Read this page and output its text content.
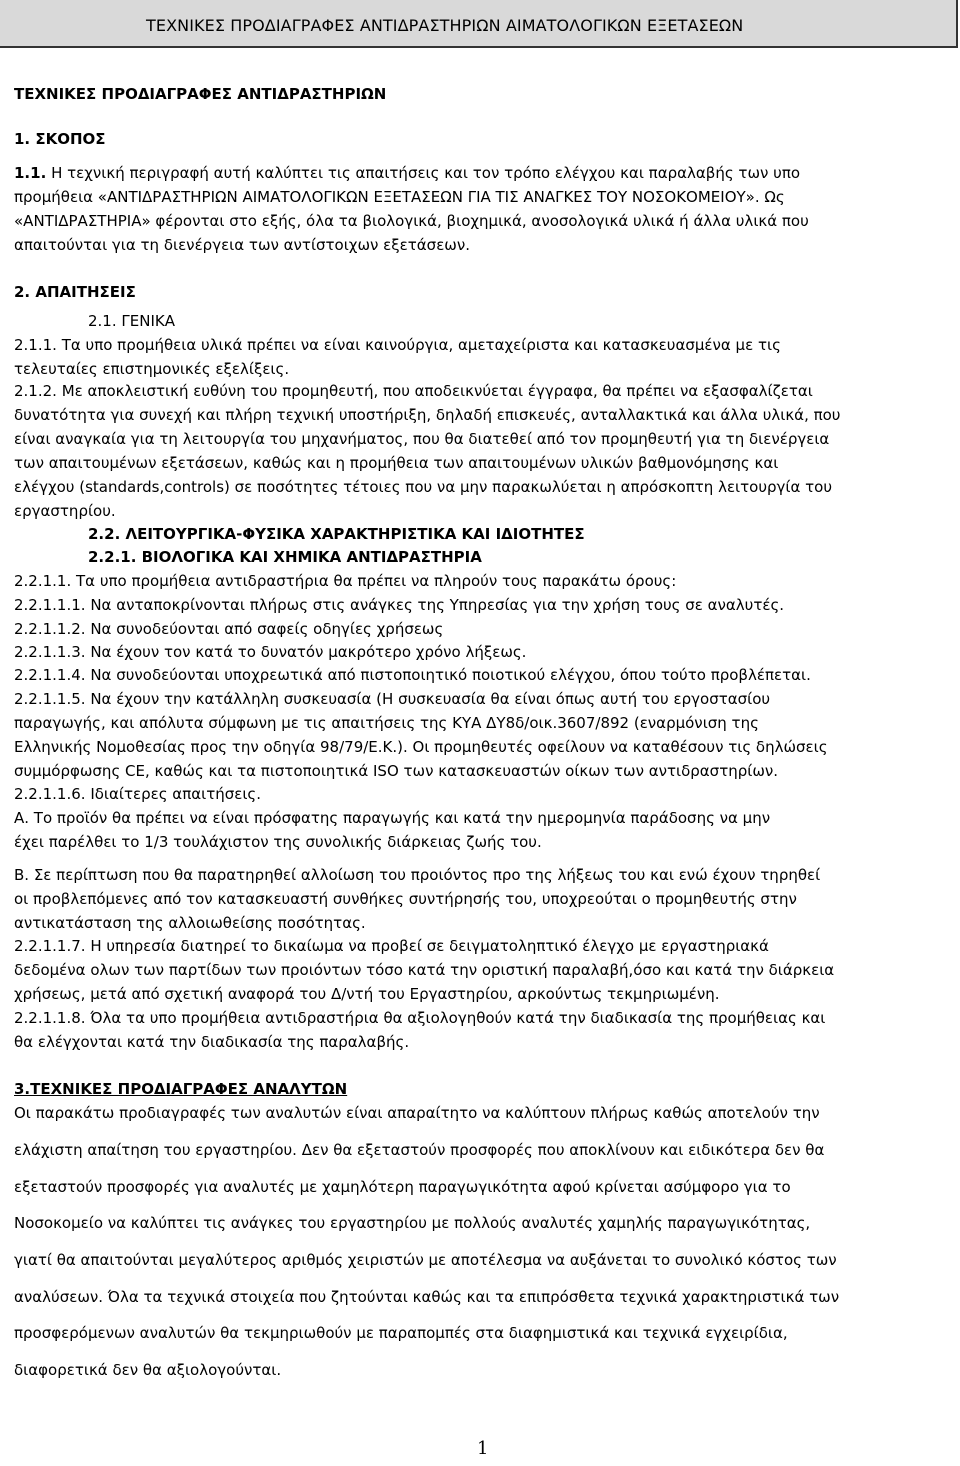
ΤΕΧΝΙΚΕΣ ΠΡΟΔΙΑΓΡΑΦΕΣ ΑΝΤΙΔΡΑΣΤΗΡΙΩΝ ΑΙΜΑΤΟΛΟΓΙΚΩΝ ΕΞΕΤΑΣΕΩΝ
ΤΕΧΝΙΚΕΣ ΠΡΟΔΙΑΓΡΑΦΕΣ ΑΝΤΙΔΡΑΣΤΗΡΙΩΝ
1. ΣΚΟΠΟΣ
1.1. Η τεχνική περιγραφή αυτή καλύπτει τις απαιτήσεις και τον τρόπο ελέγχου και παραλαβής των υπο
προμήθεια «ΑΝΤΙΔΡΑΣΤΗΡΙΩΝ ΑΙΜΑΤΟΛΟΓΙΚΩΝ ΕΞΕΤΑΣΕΩΝ ΓΙΑ ΤΙΣ ΑΝΑΓΚΕΣ ΤΟΥ ΝΟΣΟΚΟΜΕΙΟΥ». Ως
«ΑΝΤΙΔΡΑΣΤΗΡΙΑ» φέρονται στο εξής, όλα τα βιολογικά, βιοχημικά, ανοσολογικά υλικά ή άλλα υλικά που
απαιτούνται για τη διενέργεια των αντίστοιχων εξετάσεων.
2. ΑΠΑΙΤΗΣΕΙΣ
2.1. ΓΕΝΙΚΑ
2.1.1. Τα υπο προμήθεια υλικά πρέπει να είναι καινούργια, αμεταχείριστα και κατασκευασμένα με τις
τελευταίες επιστημονικές εξελίξεις.
2.1.2. Με αποκλειστική ευθύνη του προμηθευτή, που αποδεικνύεται έγγραφα, θα πρέπει να εξασφαλίζεται
δυνατότητα για συνεχή και πλήρη τεχνική υποστήριξη, δηλαδή επισκευές, ανταλλακτικά και άλλα υλικά, που
είναι αναγκαία για τη λειτουργία του μηχανήματος, που θα διατεθεί από τον προμηθευτή για τη διενέργεια
των απαιτουμένων εξετάσεων, καθώς και η προμήθεια των απαιτουμένων υλικών βαθμονόμησης και
ελέγχου (standards,controls) σε ποσότητες τέτοιες που να μην παρακωλύεται η απρόσκοπτη λειτουργία του
εργαστηρίου.
2.2. ΛΕΙΤΟΥΡΓΙΚΑ-ΦΥΣΙΚΑ ΧΑΡΑΚΤΗΡΙΣΤΙΚΑ ΚΑΙ ΙΔΙΟΤΗΤΕΣ
2.2.1. ΒΙΟΛΟΓΙΚΑ ΚΑΙ ΧΗΜΙΚΑ ΑΝΤΙΔΡΑΣΤΗΡΙΑ
2.2.1.1. Τα υπο προμήθεια αντιδραστήρια θα πρέπει να πληρούν τους παρακάτω όρους:
2.2.1.1.1. Να ανταποκρίνονται πλήρως στις ανάγκες της Υπηρεσίας για την χρήση τους σε αναλυτές.
2.2.1.1.2. Να συνοδεύονται από σαφείς οδηγίες χρήσεως
2.2.1.1.3. Να έχουν τον κατά το δυνατόν μακρότερο χρόνο λήξεως.
2.2.1.1.4. Να συνοδεύονται υποχρεωτικά από πιστοποιητικό ποιοτικού ελέγχου, όπου τούτο προβλέπεται.
2.2.1.1.5. Να έχουν την κατάλληλη συσκευασία (Η συσκευασία θα είναι όπως αυτή του εργοστασίου
παραγωγής, και απόλυτα σύμφωνη με τις απαιτήσεις της ΚΥΑ ΔΥ8δ/οικ.3607/892 (εναρμόνιση της
Ελληνικής Νομοθεσίας προς την οδηγία 98/79/Ε.Κ.). Οι προμηθευτές οφείλουν να καταθέσουν τις δηλώσεις
συμμόρφωσης CE, καθώς και τα πιστοποιητικά ISO των κατασκευαστών οίκων των αντιδραστηρίων.
2.2.1.1.6. Ιδιαίτερες απαιτήσεις.
Α. Το προϊόν θα πρέπει να είναι πρόσφατης παραγωγής και κατά την ημερομηνία παράδοσης να μην
έχει παρέλθει το 1/3 τουλάχιστον της συνολικής διάρκειας ζωής του.
Β. Σε περίπτωση που θα παρατηρηθεί αλλοίωση του προιόντος προ της λήξεως του και ενώ έχουν τηρηθεί
οι προβλεπόμενες από τον κατασκευαστή συνθήκες συντήρησής του, υποχρεούται ο προμηθευτής στην
αντικατάσταση της αλλοιωθείσης ποσότητας.
2.2.1.1.7. Η υπηρεσία διατηρεί το δικαίωμα να προβεί σε δειγματοληπτικό έλεγχο με εργαστηριακά
δεδομένα ολων των παρτίδων των προιόντων τόσο κατά την οριστική παραλαβή,όσο και κατά την διάρκεια
χρήσεως, μετά από σχετική αναφορά του Δ/ντή του Εργαστηρίου, αρκούντως τεκμηριωμένη.
2.2.1.1.8. Όλα τα υπο προμήθεια αντιδραστήρια θα αξιολογηθούν κατά την διαδικασία της προμήθειας και
θα ελέγχονται κατά την διαδικασία της παραλαβής.
3.ΤΕΧΝΙΚΕΣ ΠΡΟΔΙΑΓΡΑΦΕΣ ΑΝΑΛΥΤΩΝ
Οι παρακάτω προδιαγραφές των αναλυτών είναι απαραίτητο να καλύπτουν πλήρως καθώς αποτελούν την
ελάχιστη απαίτηση του εργαστηρίου. Δεν θα εξεταστούν προσφορές που αποκλίνουν και ειδικότερα δεν θα
εξεταστούν προσφορές για αναλυτές με χαμηλότερη παραγωγικότητα αφού κρίνεται ασύμφορο για το
Νοσοκομείο να καλύπτει τις ανάγκες του εργαστηρίου με πολλούς αναλυτές χαμηλής παραγωγικότητας,
γιατί θα απαιτούνται μεγαλύτερος αριθμός χειριστών με αποτέλεσμα να αυξάνεται το συνολικό κόστος των
αναλύσεων. Όλα τα τεχνικά στοιχεία που ζητούνται καθώς και τα επιπρόσθετα τεχνικά χαρακτηριστικά των
προσφερόμενων αναλυτών θα τεκμηριωθούν με παραπομπές στα διαφημιστικά και τεχνικά εγχειρίδια,
διαφορετικά δεν θα αξιολογούνται.
1
